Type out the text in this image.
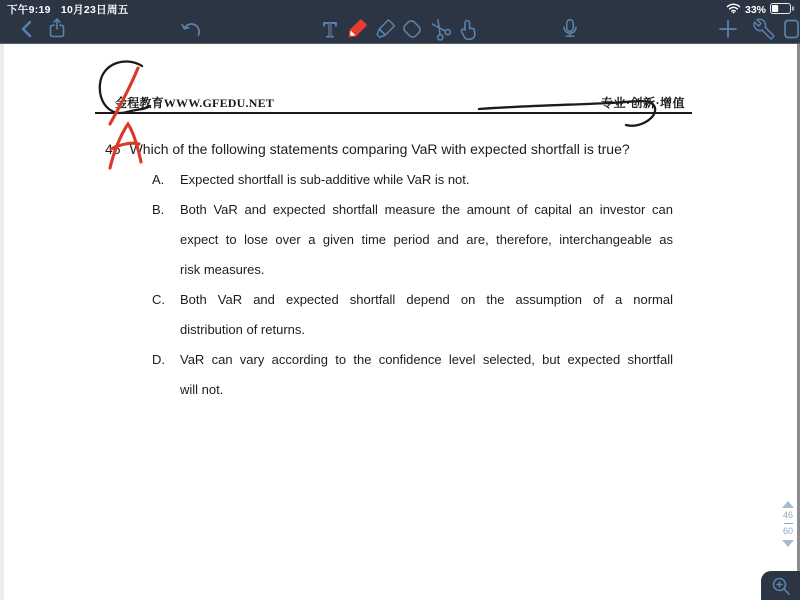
下午9:19 10月23日周五	33%
T
金程教育WWW.GFEDU.NET	专业·创新·增值
46 Which of the following statements comparing VaR with expected shortfall is true?
A. Expected shortfall is sub-additive while VaR is not.
B. Both VaR and expected shortfall measure the amount of capital an investor can
expect to lose over a given time period and are, therefore, interchangeable as
risk measures.
C. Both VaR and expected shortfall depend on the assumption of a normal
distribution of returns.
D. VaR can vary according to the confidence level selected, but expected shortfall
will not.
46
60
